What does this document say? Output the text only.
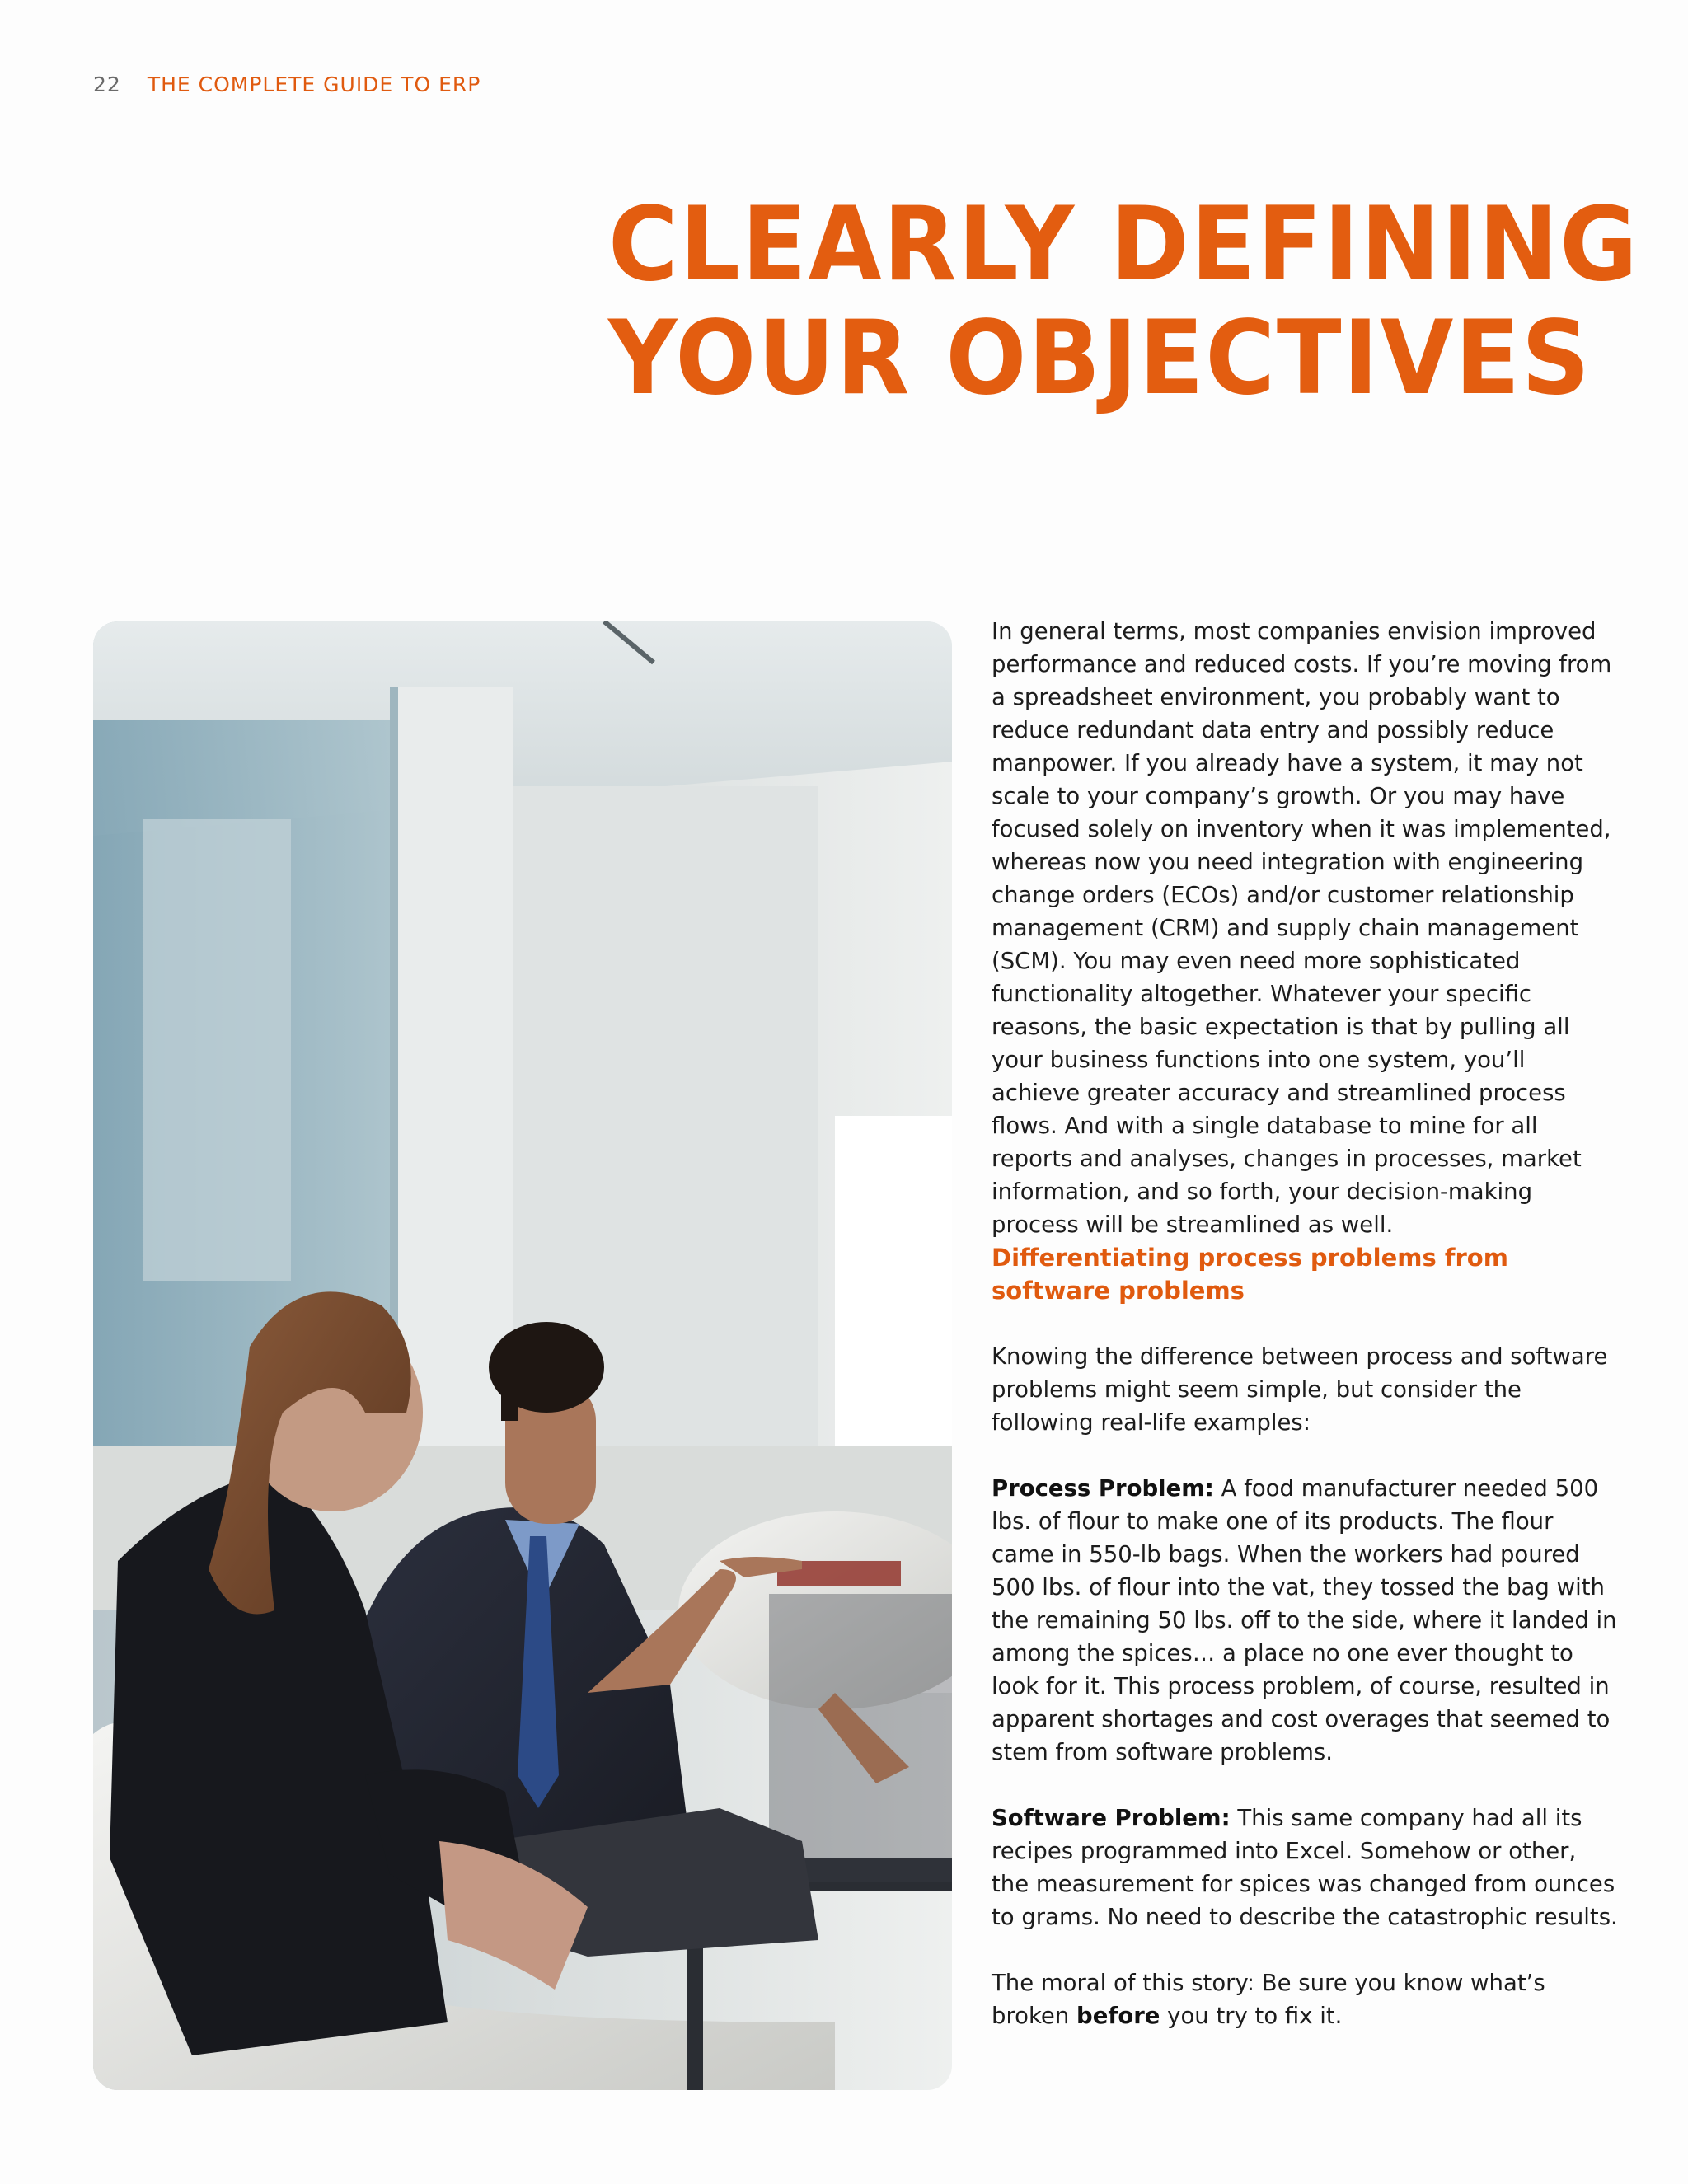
22 THE COMPLETE GUIDE TO ERP
CLEARLY DEFINING
YOUR OBJECTIVES

In general terms, most companies envision improved performance and reduced costs. If you’re moving from a spreadsheet environment, you probably want to reduce redundant data entry and possibly reduce manpower. If you already have a system, it may not scale to your company’s growth. Or you may have focused solely on inventory when it was implemented, whereas now you need integration with engineering change orders (ECOs) and/or customer relationship management (CRM) and supply chain management (SCM). You may even need more sophisticated functionality altogether. Whatever your specific reasons, the basic expectation is that by pulling all your business functions into one system, you’ll achieve greater accuracy and streamlined process flows. And with a single database to mine for all reports and analyses, changes in processes, market information, and so forth, your decision-making process will be streamlined as well.

Differentiating process problems from software problems

Knowing the difference between process and software problems might seem simple, but consider the following real-life examples:

Process Problem: A food manufacturer needed 500 lbs. of flour to make one of its products. The flour came in 550-lb bags. When the workers had poured 500 lbs. of flour into the vat, they tossed the bag with the remaining 50 lbs. off to the side, where it landed in among the spices… a place no one ever thought to look for it. This process problem, of course, resulted in apparent shortages and cost overages that seemed to stem from software problems.

Software Problem: This same company had all its recipes programmed into Excel. Somehow or other, the measurement for spices was changed from ounces to grams. No need to describe the catastrophic results.

The moral of this story: Be sure you know what’s broken before you try to fix it.
